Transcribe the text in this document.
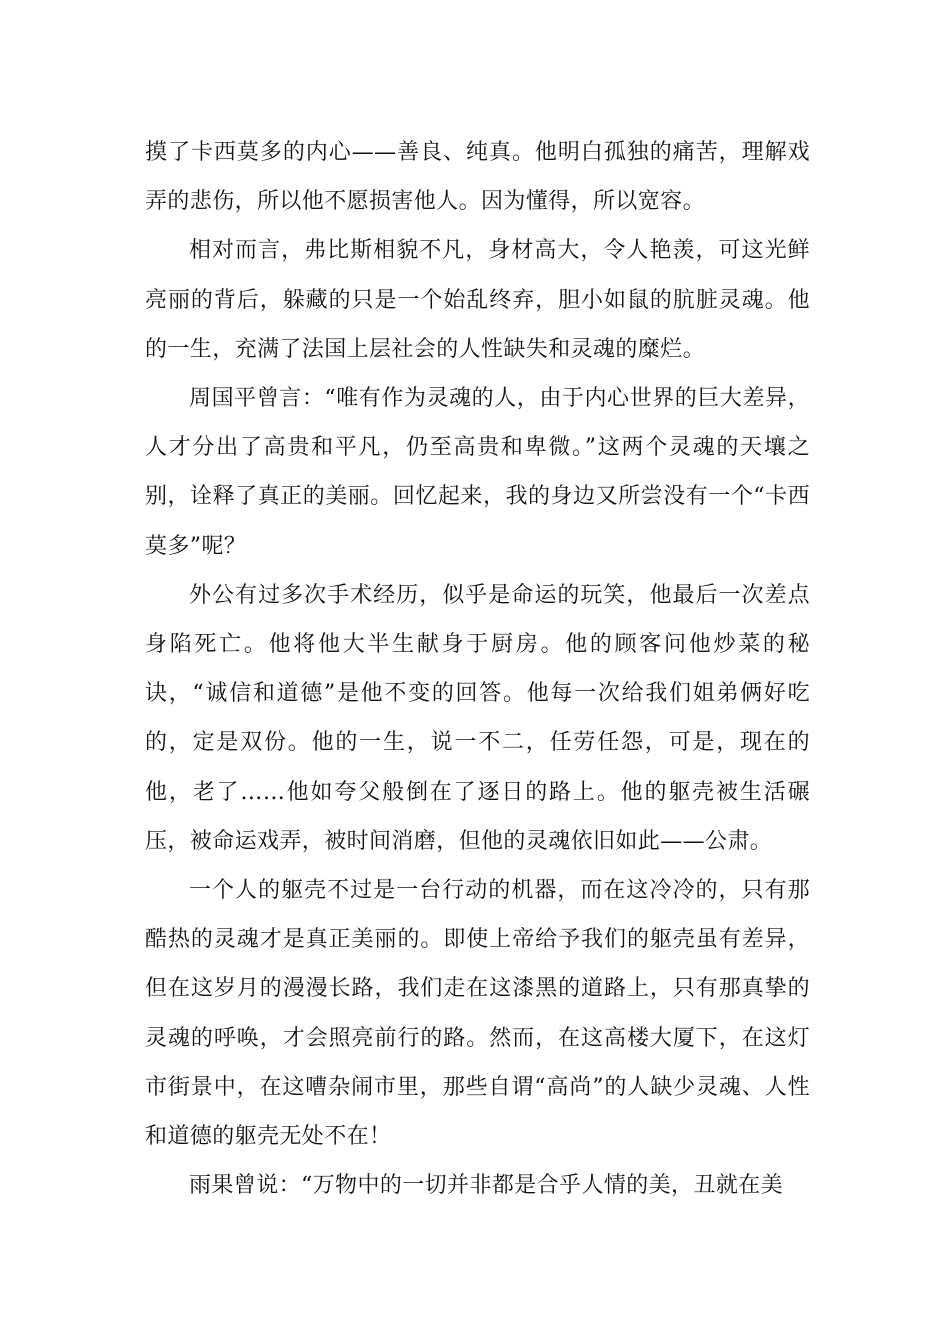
摸了卡西莫多的内心——善良、纯真。他明白孤独的痛苦，理解戏弄的悲伤，所以他不愿损害他人。因为懂得，所以宽容。

相对而言，弗比斯相貌不凡，身材高大，令人艳羡，可这光鲜亮丽的背后，躲藏的只是一个始乱终弃，胆小如鼠的肮脏灵魂。他的一生，充满了法国上层社会的人性缺失和灵魂的糜烂。

周国平曾言：“唯有作为灵魂的人，由于内心世界的巨大差异，人才分出了高贵和平凡，仍至高贵和卑微。”这两个灵魂的天壤之别，诠释了真正的美丽。回忆起来，我的身边又所尝没有一个“卡西莫多”呢？

外公有过多次手术经历，似乎是命运的玩笑，他最后一次差点身陷死亡。他将他大半生献身于厨房。他的顾客问他炒菜的秘诀，“诚信和道德”是他不变的回答。他每一次给我们姐弟俩好吃的，定是双份。他的一生，说一不二，任劳任怨，可是，现在的他，老了……他如夸父般倒在了逐日的路上。他的躯壳被生活碾压，被命运戏弄，被时间消磨，但他的灵魂依旧如此——公肃。

一个人的躯壳不过是一台行动的机器，而在这冷冷的，只有那酷热的灵魂才是真正美丽的。即使上帝给予我们的躯壳虽有差异，但在这岁月的漫漫长路，我们走在这漆黑的道路上，只有那真挚的灵魂的呼唤，才会照亮前行的路。然而，在这高楼大厦下，在这灯市街景中，在这嘈杂闹市里，那些自谓“高尚”的人缺少灵魂、人性和道德的躯壳无处不在！

雨果曾说：“万物中的一切并非都是合乎人情的美，丑就在美
